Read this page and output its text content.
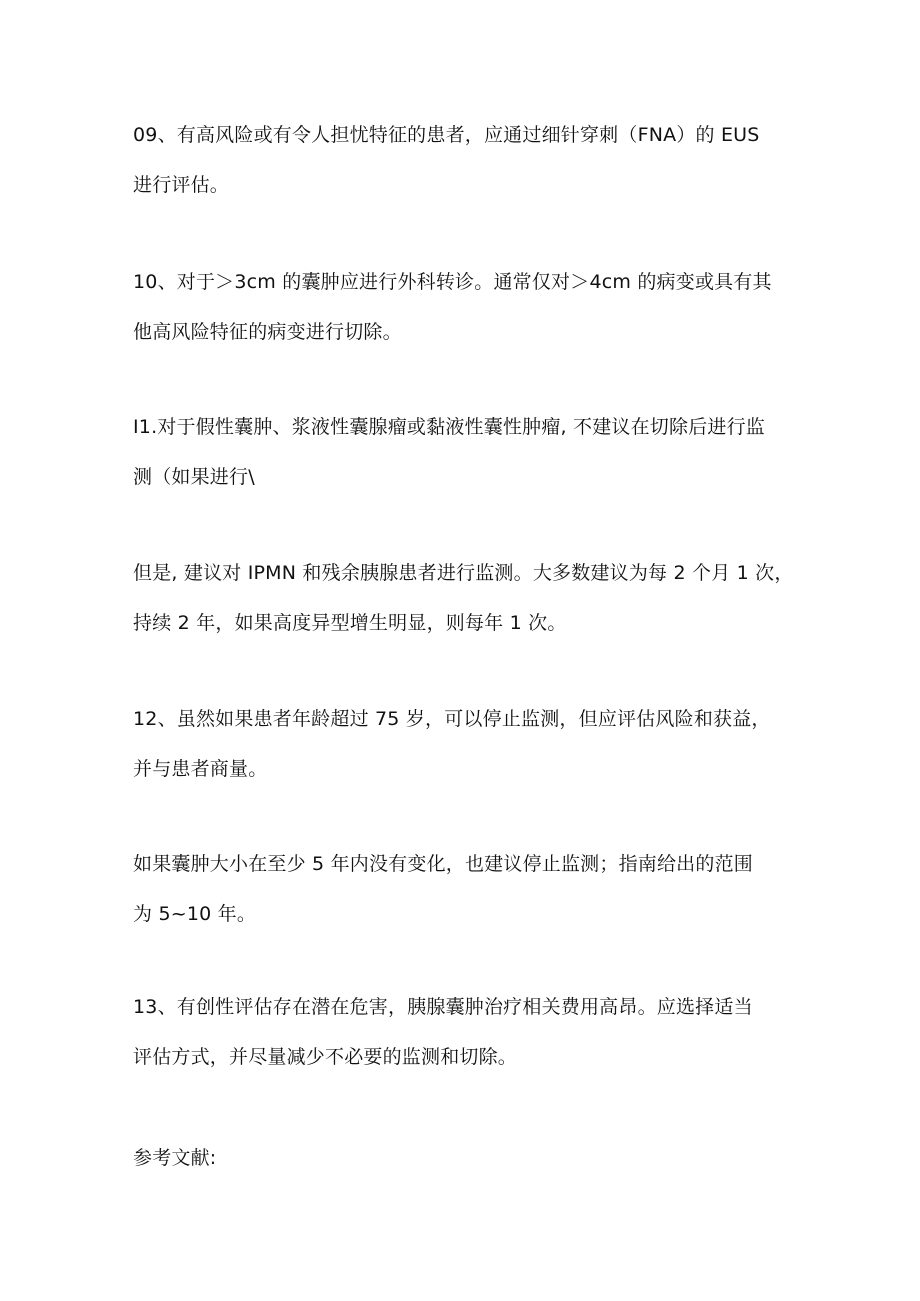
09、有高风险或有令人担忧特征的患者，应通过细针穿刺（FNA）的 EUS
进行评估。

10、对于＞3cm 的囊肿应进行外科转诊。通常仅对＞4cm 的病变或具有其
他高风险特征的病变进行切除。

I1.对于假性囊肿、浆液性囊腺瘤或黏液性囊性肿瘤, 不建议在切除后进行监
测（如果进行\

但是, 建议对 IPMN 和残余胰腺患者进行监测。大多数建议为每 2 个月 1 次，
持续 2 年，如果高度异型增生明显，则每年 1 次。

12、虽然如果患者年龄超过 75 岁，可以停止监测，但应评估风险和获益，
并与患者商量。

如果囊肿大小在至少 5 年内没有变化，也建议停止监测；指南给出的范围
为 5~10 年。

13、有创性评估存在潜在危害，胰腺囊肿治疗相关费用高昂。应选择适当
评估方式，并尽量减少不必要的监测和切除。

参考文献:
